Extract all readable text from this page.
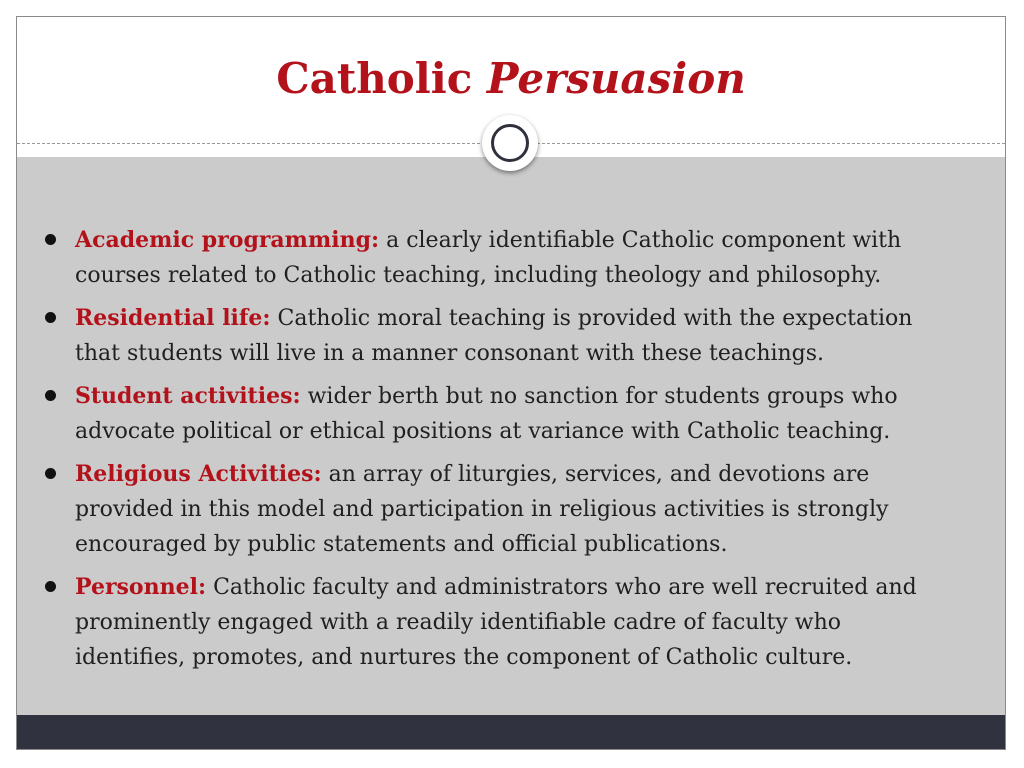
Catholic Persuasion
Academic programming: a clearly identifiable Catholic component with courses related to Catholic teaching, including theology and philosophy.
Residential life: Catholic moral teaching is provided with the expectation that students will live in a manner consonant with these teachings.
Student activities: wider berth but no sanction for students groups who advocate political or ethical positions at variance with Catholic teaching.
Religious Activities: an array of liturgies, services, and devotions are provided in this model and participation in religious activities is strongly encouraged by public statements and official publications.
Personnel: Catholic faculty and administrators who are well recruited and prominently engaged with a readily identifiable cadre of faculty who identifies, promotes, and nurtures the component of Catholic culture.
